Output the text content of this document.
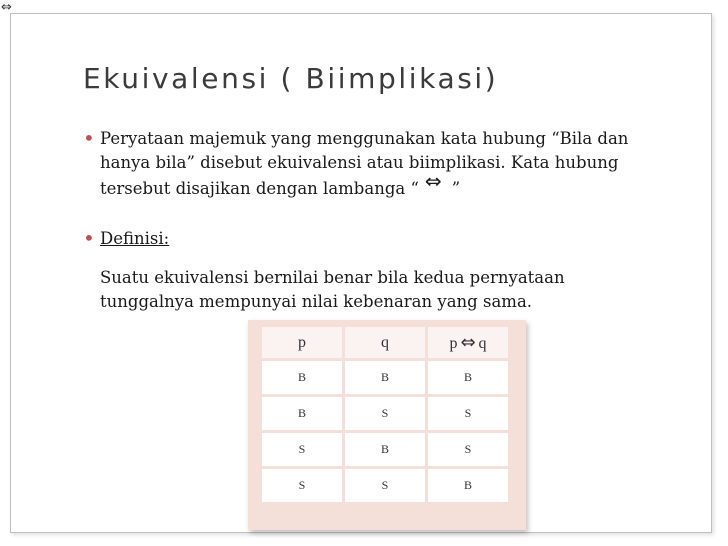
⇔
Ekuivalensi ( Biimplikasi)
• Peryataan majemuk yang menggunakan kata hubung “Bila dan hanya bila” disebut ekuivalensi atau biimplikasi. Kata hubung tersebut disajikan dengan lambanga “ ⇔ ”
• Definisi:
Suatu ekuivalensi bernilai benar bila kedua pernyataan tunggalnya mempunyai nilai kebenaran yang sama.
p	q	p ⇔ q
B	B	B
B	S	S
S	B	S
S	S	B
